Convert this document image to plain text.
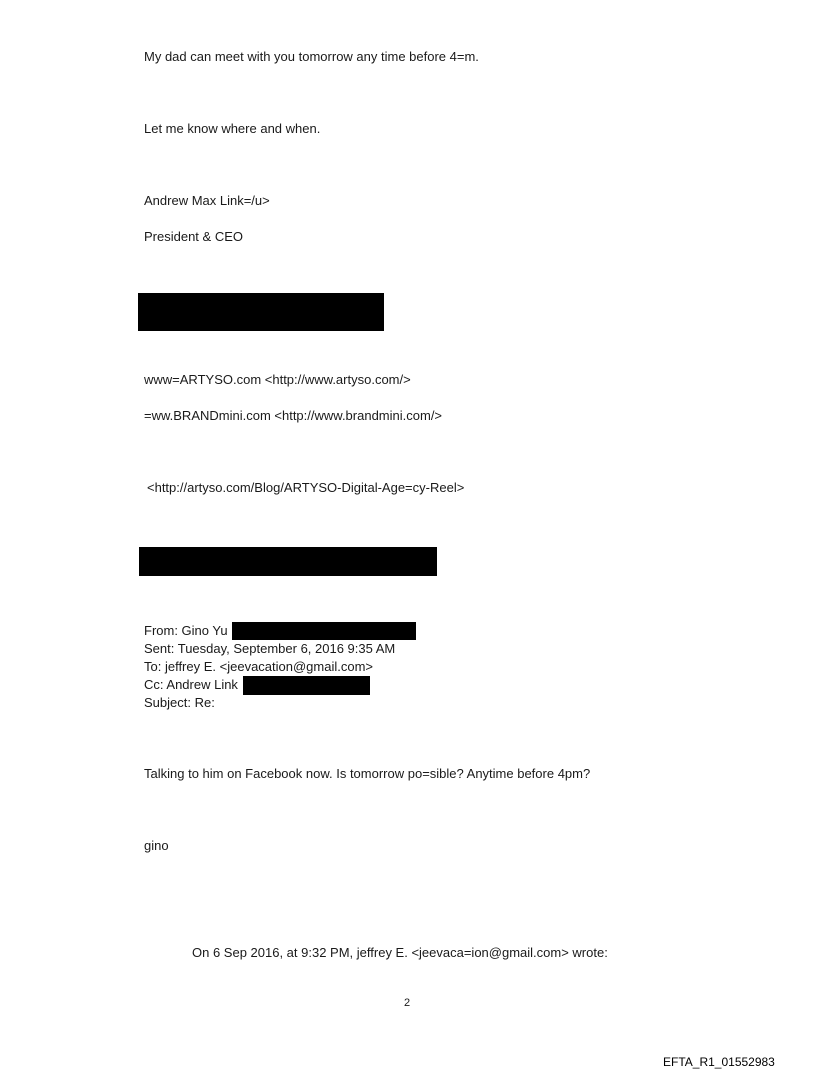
My dad can meet with you tomorrow any time before 4=m.
Let me know where and when.
Andrew Max Link=/u>
President & CEO
www=ARTYSO.com <http://www.artyso.com/>
=ww.BRANDmini.com <http://www.brandmini.com/>
<http://artyso.com/Blog/ARTYSO-Digital-Age=cy-Reel>
From: Gino Yu
Sent: Tuesday, September 6, 2016 9:35 AM
To: jeffrey E. <jeevacation@gmail.com>
Cc: Andrew Link
Subject: Re:
Talking to him on Facebook now. Is tomorrow po=sible? Anytime before 4pm?
gino
On 6 Sep 2016, at 9:32 PM, jeffrey E. <jeevaca=ion@gmail.com> wrote:
2
EFTA_R1_01552983
